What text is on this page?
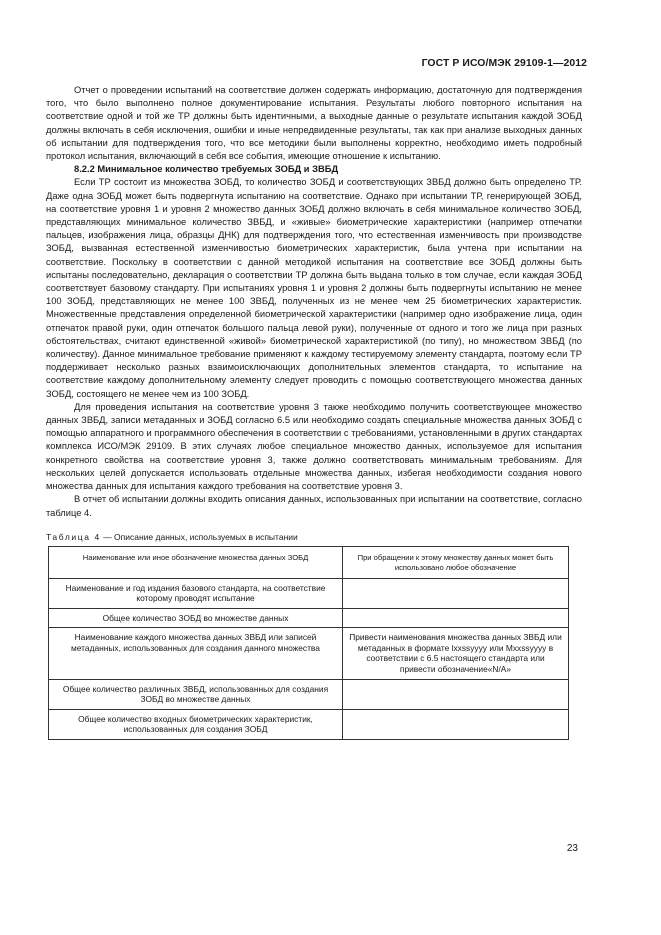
ГОСТ Р ИСО/МЭК 29109-1—2012

Отчет о проведении испытаний на соответствие должен содержать информацию, достаточную для подтверждения того, что было выполнено полное документирование испытания. Результаты любого повторного испытания на соответствие одной и той же ТР должны быть идентичными, а выходные данные о результате испытания каждой ЗОБД должны включать в себя исключения, ошибки и иные непредвиденные результаты, так как при анализе выходных данных об испытании для подтверждения того, что все методики были выполнены корректно, необходимо иметь подробный протокол испытания, включающий в себя все события, имеющие отношение к испытанию.

8.2.2 Минимальное количество требуемых ЗОБД и ЗВБД

Если ТР состоит из множества ЗОБД, то количество ЗОБД и соответствующих ЗВБД должно быть определено ТР. Даже одна ЗОБД может быть подвергнута испытанию на соответствие. Однако при испытании ТР, генерирующей ЗОБД, на соответствие уровня 1 и уровня 2 множество данных ЗОБД должно включать в себя минимальное количество ЗОБД, представляющих минимальное количество ЗВБД, и «живые» биометрические характеристики (например отпечатки пальцев, изображения лица, образцы ДНК) для подтверждения того, что естественная изменчивость при производстве ЗОБД, вызванная естественной изменчивостью биометрических характеристик, была учтена при испытании на соответствие. Поскольку в соответствии с данной методикой испытания на соответствие все ЗОБД должны быть испытаны последовательно, декларация о соответствии ТР должна быть выдана только в том случае, если каждая ЗОБД соответствует базовому стандарту. При испытаниях уровня 1 и уровня 2 должны быть подвергнуты испытанию не менее 100 ЗОБД, представляющих не менее 100 ЗВБД, полученных из не менее чем 25 биометрических характеристик. Множественные представления определенной биометрической характеристики (например одно изображение лица, один отпечаток правой руки, один отпечаток большого пальца левой руки), полученные от одного и того же лица при разных обстоятельствах, считают единственной «живой» биометрической характеристикой (по типу), но множеством ЗВБД (по количеству). Данное минимальное требование применяют к каждому тестируемому элементу стандарта, поэтому если ТР поддерживает несколько разных взаимоисключающих дополнительных элементов стандарта, то испытание на соответствие каждому дополнительному элементу следует проводить с помощью соответствующего множества данных ЗОБД, состоящего не менее чем из 100 ЗОБД.

Для проведения испытания на соответствие уровня 3 также необходимо получить соответствующее множество данных ЗВБД, записи метаданных и ЗОБД согласно 6.5 или необходимо создать специальные множества данных ЗОБД с помощью аппаратного и программного обеспечения в соответствии с требованиями, установленными в других стандартах комплекса ИСО/МЭК 29109. В этих случаях любое специальное множество данных, используемое для испытания конкретного свойства на соответствие уровня 3, также должно соответствовать минимальным требованиям. Для нескольких целей допускается использовать отдельные множества данных, избегая необходимости создания нового множества данных для испытания каждого требования на соответствие уровня 3.

В отчет об испытании должны входить описания данных, использованных при испытании на соответствие, согласно таблице 4.

Таблица 4 — Описание данных, используемых в испытании
Наименование или иное обозначение множества данных ЗОБД	При обращении к этому множеству данных может быть использовано любое обозначение
Наименование и год издания базового стандарта, на соответствие которому проводят испытание	
Общее количество ЗОБД во множестве данных	
Наименование каждого множества данных ЗВБД или записей метаданных, использованных для создания данного множества	Привести наименования множества данных ЗВБД или метаданных в формате lxxssyyyy или Mxxssyyyy в соответствии с 6.5 настоящего стандарта или привести обозначение«N/A»
Общее количество различных ЗВБД, использованных для создания ЗОБД во множестве данных	
Общее количество входных биометрических характеристик, использованных для создания ЗОБД	
23
